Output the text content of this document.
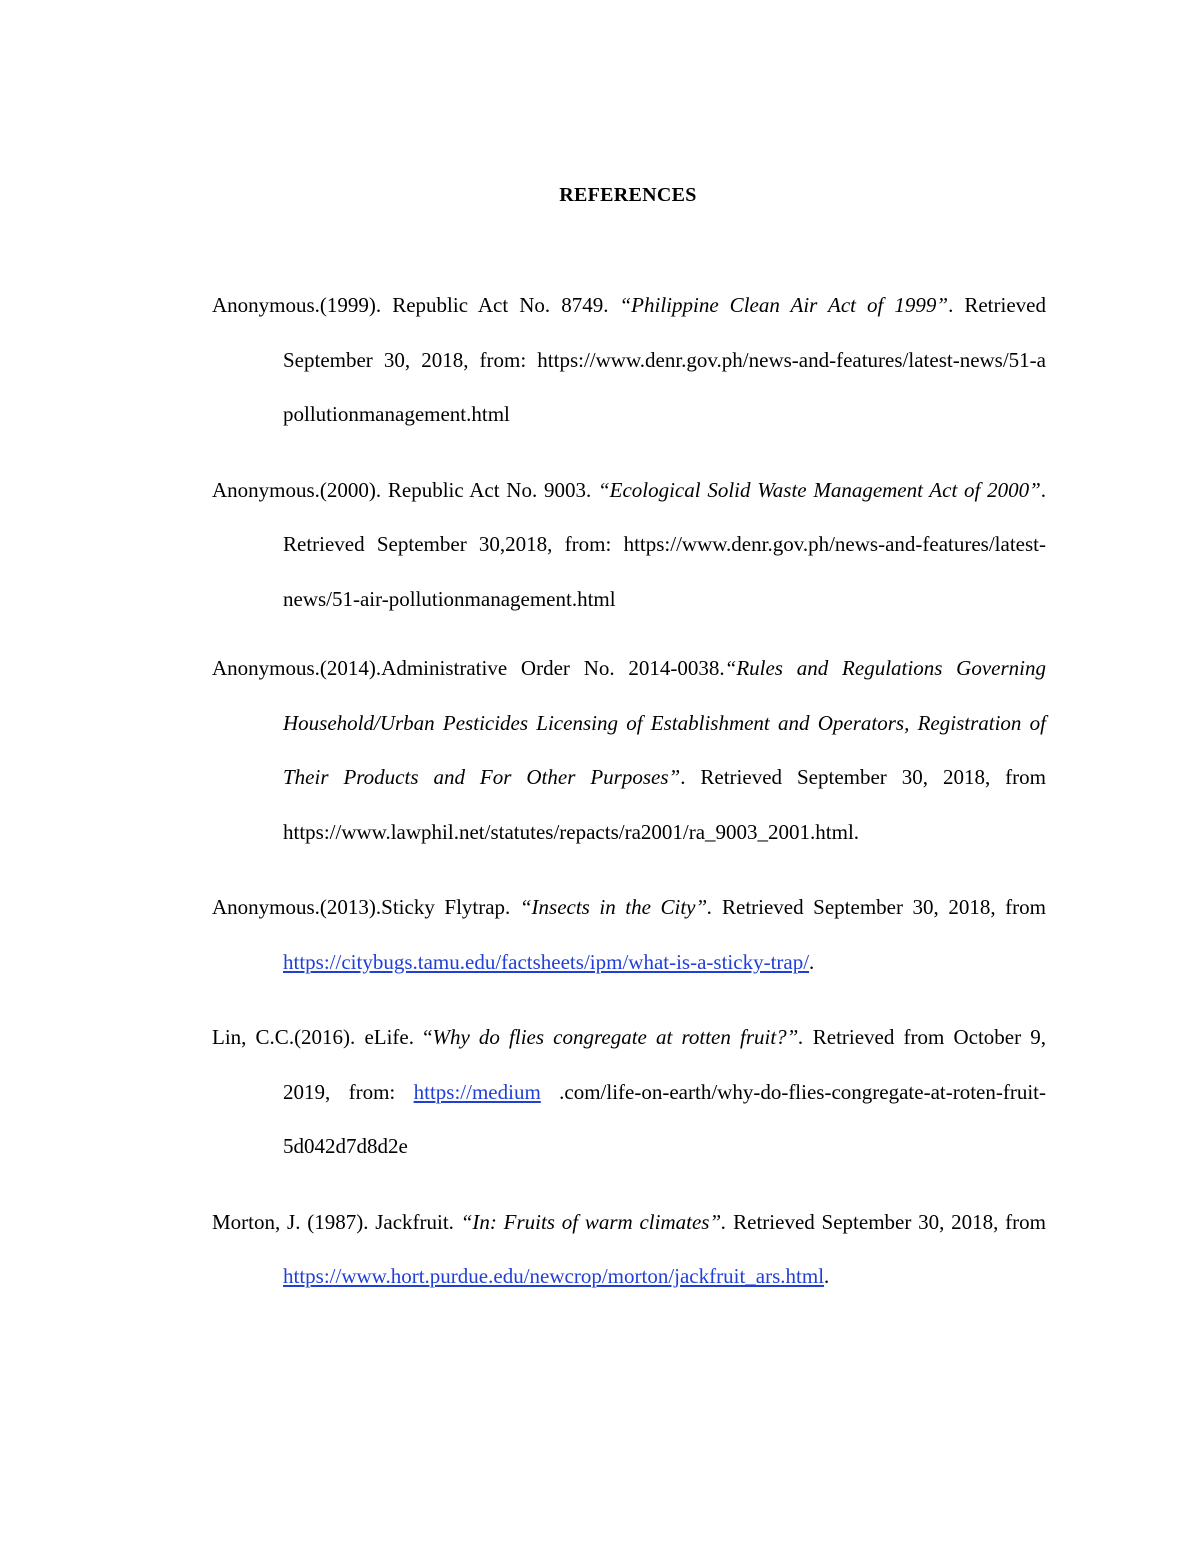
REFERENCES

Anonymous.(1999). Republic Act No. 8749. “Philippine Clean Air Act of 1999”. Retrieved September 30, 2018, from: https://www.denr.gov.ph/news-and-features/latest-news/51-a pollutionmanagement.html

Anonymous.(2000). Republic Act No. 9003. “Ecological Solid Waste Management Act of 2000”. Retrieved September 30,2018, from: https://www.denr.gov.ph/news-and-features/latest-news/51-air-pollutionmanagement.html

Anonymous.(2014).Administrative Order No. 2014-0038.“Rules and Regulations Governing Household/Urban Pesticides Licensing of Establishment and Operators, Registration of Their Products and For Other Purposes”. Retrieved September 30, 2018, from https://www.lawphil.net/statutes/repacts/ra2001/ra_9003_2001.html.

Anonymous.(2013).Sticky Flytrap. “Insects in the City”. Retrieved September 30, 2018, from https://citybugs.tamu.edu/factsheets/ipm/what-is-a-sticky-trap/.

Lin, C.C.(2016). eLife. “Why do flies congregate at rotten fruit?”. Retrieved from October 9, 2019, from: https://medium .com/life-on-earth/why-do-flies-congregate-at-roten-fruit-5d042d7d8d2e

Morton, J. (1987). Jackfruit. “In: Fruits of warm climates”. Retrieved September 30, 2018, from https://www.hort.purdue.edu/newcrop/morton/jackfruit_ars.html.
